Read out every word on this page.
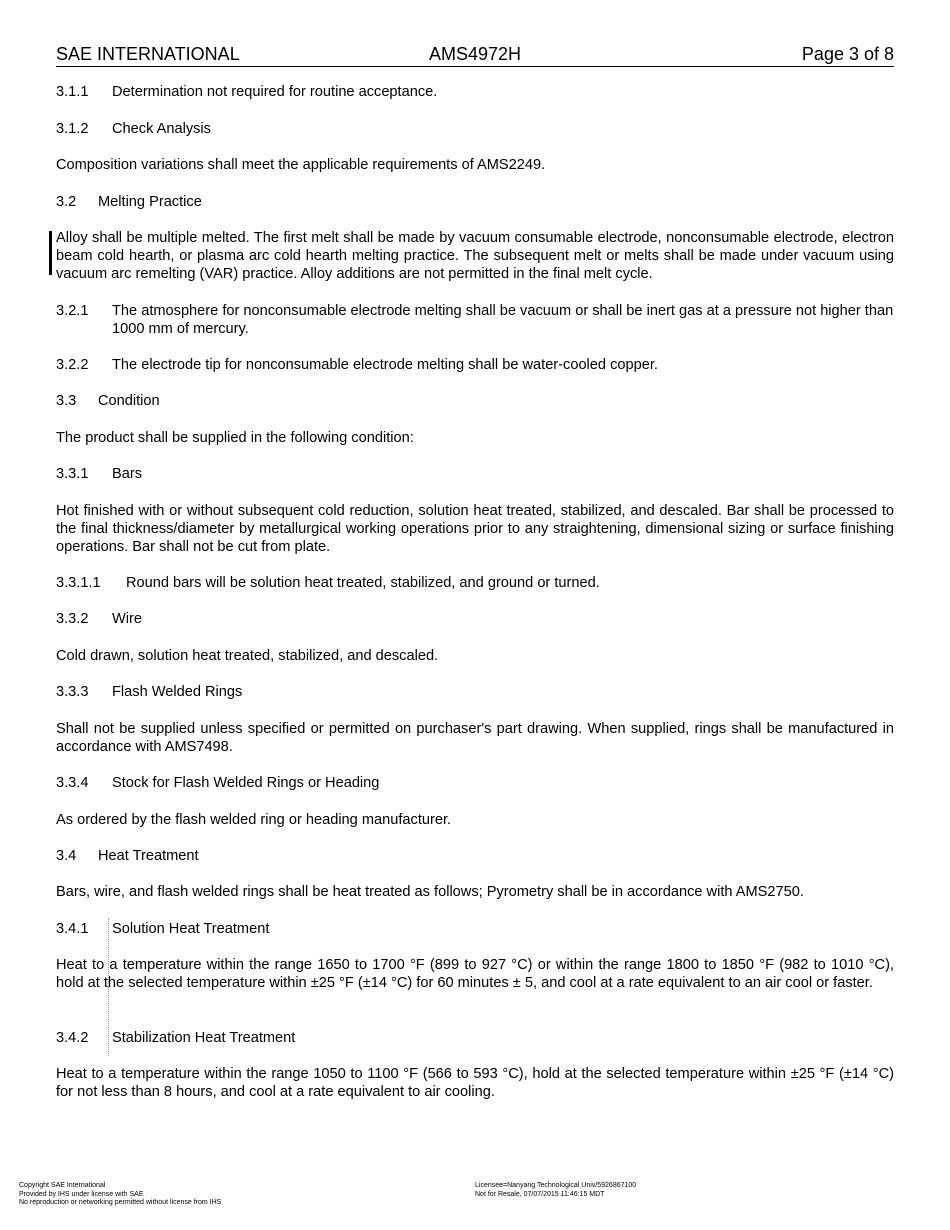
SAE INTERNATIONAL	AMS4972H	Page 3 of 8
3.1.1 Determination not required for routine acceptance.
3.1.2 Check Analysis
Composition variations shall meet the applicable requirements of AMS2249.
3.2 Melting Practice
Alloy shall be multiple melted. The first melt shall be made by vacuum consumable electrode, nonconsumable electrode, electron beam cold hearth, or plasma arc cold hearth melting practice. The subsequent melt or melts shall be made under vacuum using vacuum arc remelting (VAR) practice. Alloy additions are not permitted in the final melt cycle.
3.2.1 The atmosphere for nonconsumable electrode melting shall be vacuum or shall be inert gas at a pressure not higher than 1000 mm of mercury.
3.2.2 The electrode tip for nonconsumable electrode melting shall be water-cooled copper.
3.3 Condition
The product shall be supplied in the following condition:
3.3.1 Bars
Hot finished with or without subsequent cold reduction, solution heat treated, stabilized, and descaled. Bar shall be processed to the final thickness/diameter by metallurgical working operations prior to any straightening, dimensional sizing or surface finishing operations. Bar shall not be cut from plate.
3.3.1.1 Round bars will be solution heat treated, stabilized, and ground or turned.
3.3.2 Wire
Cold drawn, solution heat treated, stabilized, and descaled.
3.3.3 Flash Welded Rings
Shall not be supplied unless specified or permitted on purchaser's part drawing. When supplied, rings shall be manufactured in accordance with AMS7498.
3.3.4 Stock for Flash Welded Rings or Heading
As ordered by the flash welded ring or heading manufacturer.
3.4 Heat Treatment
Bars, wire, and flash welded rings shall be heat treated as follows; Pyrometry shall be in accordance with AMS2750.
3.4.1 Solution Heat Treatment
Heat to a temperature within the range 1650 to 1700 °F (899 to 927 °C) or within the range 1800 to 1850 °F (982 to 1010 °C), hold at the selected temperature within ±25 °F (±14 °C) for 60 minutes ± 5, and cool at a rate equivalent to an air cool or faster.
3.4.2 Stabilization Heat Treatment
Heat to a temperature within the range 1050 to 1100 °F (566 to 593 °C), hold at the selected temperature within ±25 °F (±14 °C) for not less than 8 hours, and cool at a rate equivalent to air cooling.
Copyright SAE International
Provided by IHS under license with SAE
No reproduction or networking permitted without license from IHS
Licensee=Nanyang Technological Univ/5926867100
Not for Resale, 07/07/2015 11:46:15 MDT
